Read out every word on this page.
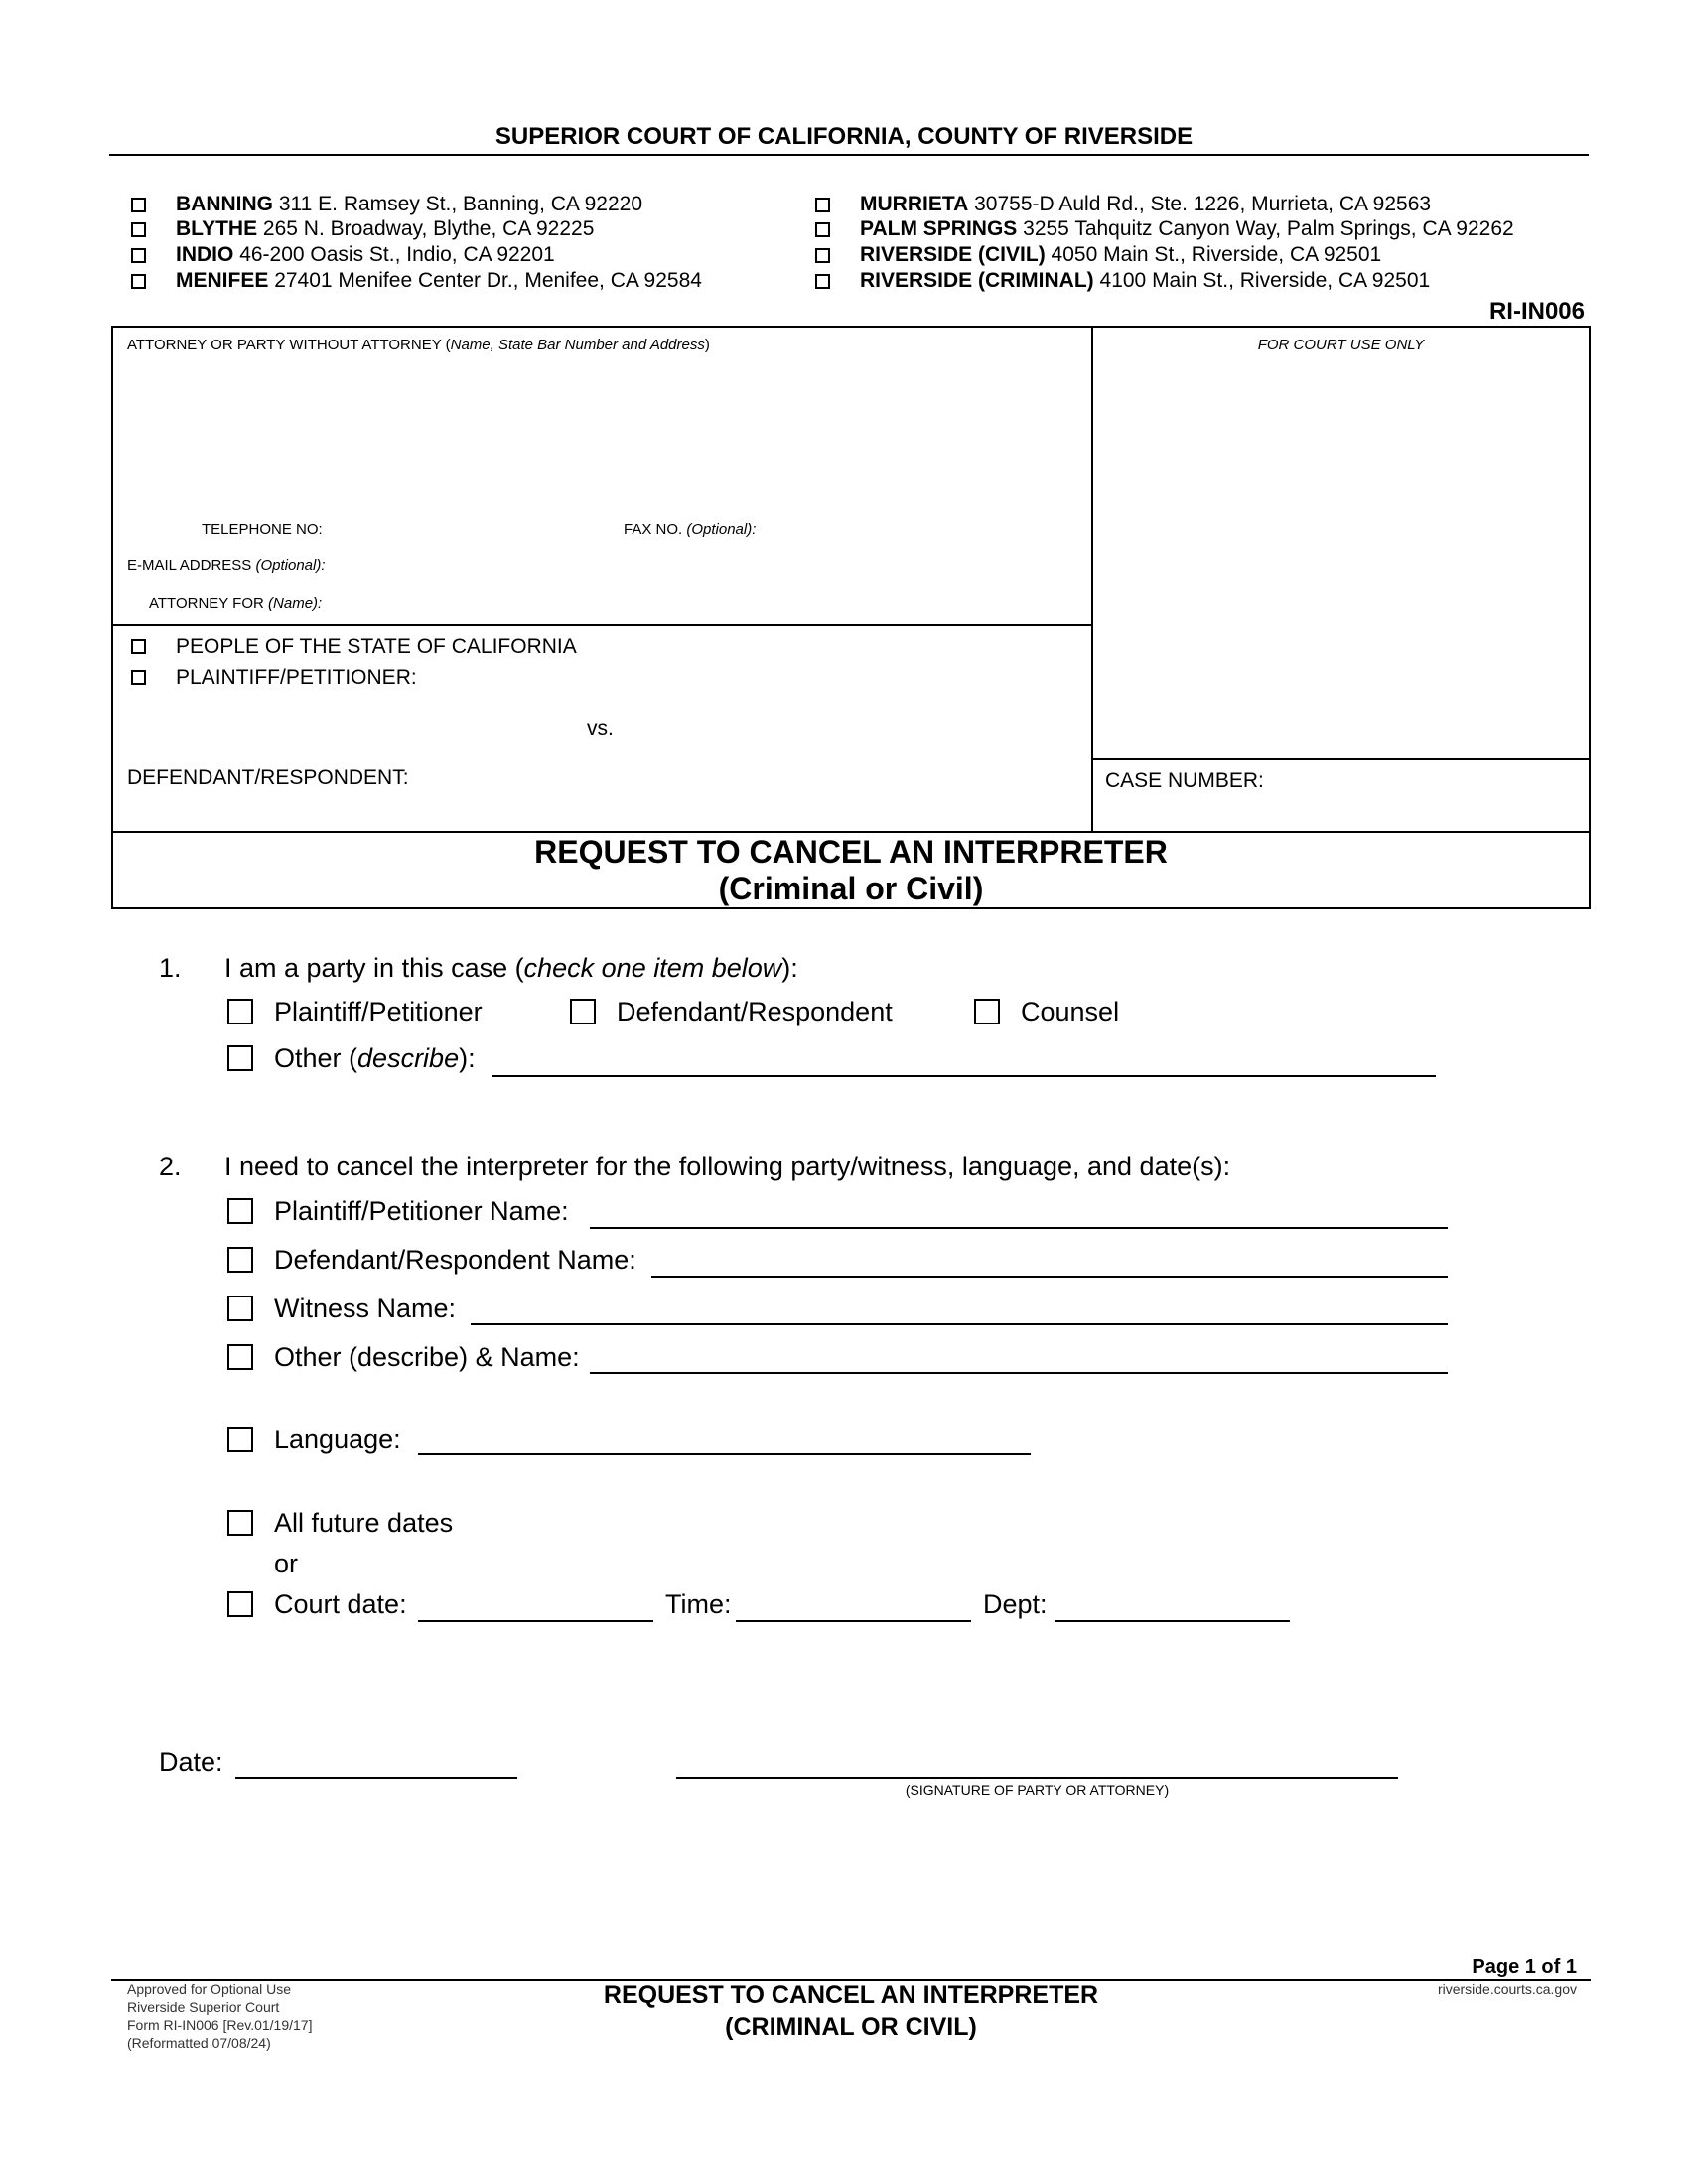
SUPERIOR COURT OF CALIFORNIA, COUNTY OF RIVERSIDE
BANNING 311 E. Ramsey St., Banning, CA 92220
BLYTHE 265 N. Broadway, Blythe, CA 92225
INDIO 46-200 Oasis St., Indio, CA 92201
MENIFEE 27401 Menifee Center Dr., Menifee, CA 92584
MURRIETA 30755-D Auld Rd., Ste. 1226, Murrieta, CA 92563
PALM SPRINGS 3255 Tahquitz Canyon Way, Palm Springs, CA 92262
RIVERSIDE (CIVIL) 4050 Main St., Riverside, CA 92501
RIVERSIDE (CRIMINAL) 4100 Main St., Riverside, CA 92501
RI-IN006
ATTORNEY OR PARTY WITHOUT ATTORNEY (Name, State Bar Number and Address)	FOR COURT USE ONLY
TELEPHONE NO:	FAX NO. (Optional):
E-MAIL ADDRESS (Optional):
ATTORNEY FOR (Name):
PEOPLE OF THE STATE OF CALIFORNIA
PLAINTIFF/PETITIONER:
vs.
DEFENDANT/RESPONDENT:	CASE NUMBER:
REQUEST TO CANCEL AN INTERPRETER
(Criminal or Civil)
1. I am a party in this case (check one item below):
Plaintiff/Petitioner	Defendant/Respondent	Counsel
Other (describe):
2. I need to cancel the interpreter for the following party/witness, language, and date(s):
Plaintiff/Petitioner Name:
Defendant/Respondent Name:
Witness Name:
Other (describe) & Name:
Language:
All future dates
or
Court date:	Time:	Dept:
Date:
(SIGNATURE OF PARTY OR ATTORNEY)
Page 1 of 1
Approved for Optional Use
Riverside Superior Court
Form RI-IN006 [Rev.01/19/17]
(Reformatted 07/08/24)
REQUEST TO CANCEL AN INTERPRETER
(CRIMINAL OR CIVIL)
riverside.courts.ca.gov
